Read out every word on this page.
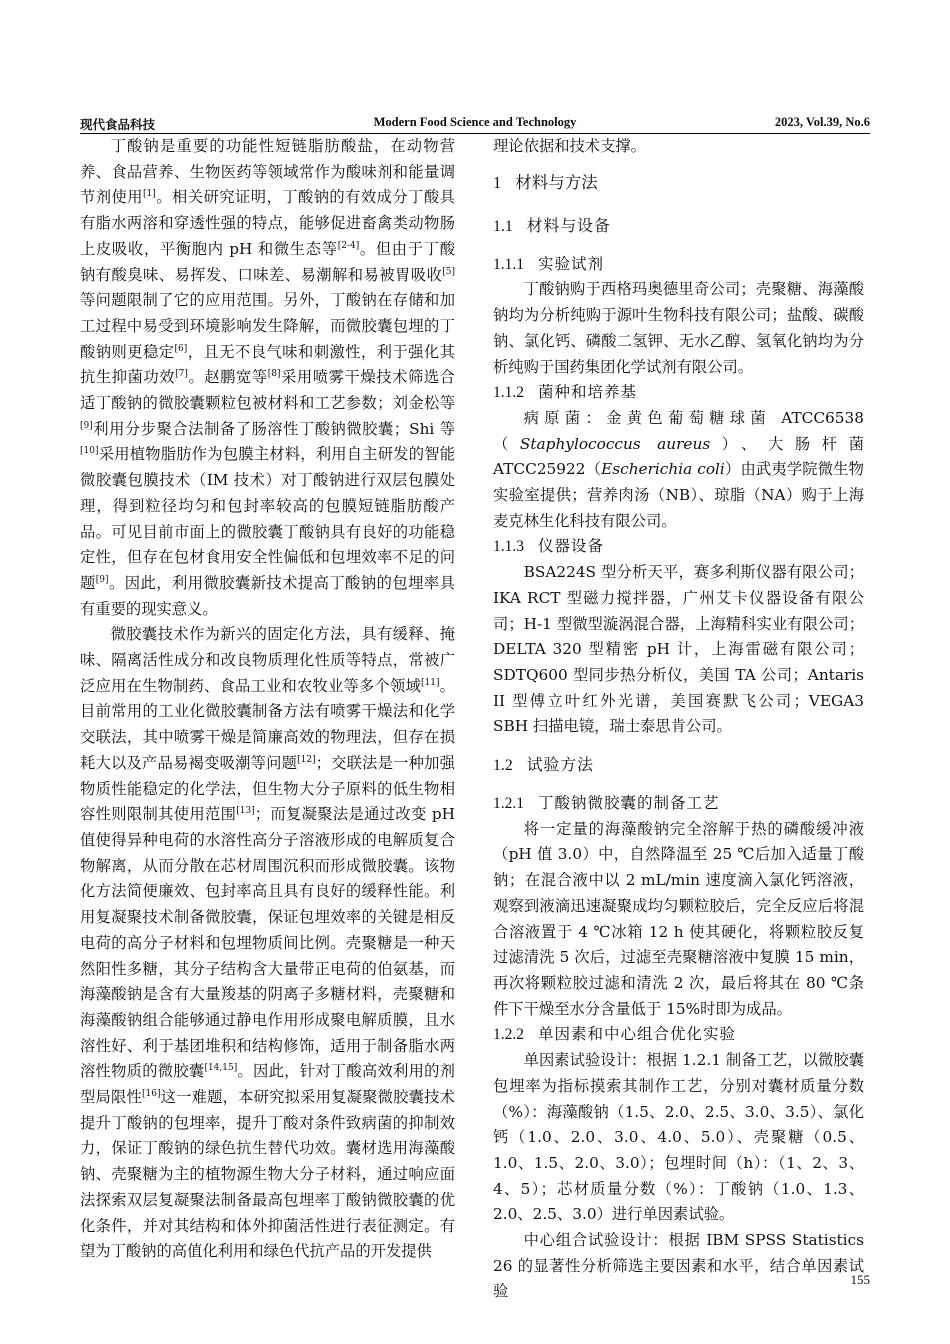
Modern Food Science and Technology
现代食品科技	2023, Vol.39, No.6

丁酸钠是重要的功能性短链脂肪酸盐，在动物营养、食品营养、生物医药等领域常作为酸味剂和能量调节剂使用[1]。相关研究证明，丁酸钠的有效成分丁酸具有脂水两溶和穿透性强的特点，能够促进畜禽类动物肠上皮吸收，平衡胞内 pH 和微生态等[2-4]。但由于丁酸钠有酸臭味、易挥发、口味差、易潮解和易被胃吸收[5]等问题限制了它的应用范围。另外，丁酸钠在存储和加工过程中易受到环境影响发生降解，而微胶囊包埋的丁酸钠则更稳定[6]，且无不良气味和刺激性，利于强化其抗生抑菌功效[7]。赵鹏宽等[8]采用喷雾干燥技术筛选合适丁酸钠的微胶囊颗粒包被材料和工艺参数；刘金松等[9]利用分步聚合法制备了肠溶性丁酸钠微胶囊；Shi 等[10]采用植物脂肪作为包膜主材料，利用自主研发的智能微胶囊包膜技术（IM 技术）对丁酸钠进行双层包膜处理，得到粒径均匀和包封率较高的包膜短链脂肪酸产品。可见目前市面上的微胶囊丁酸钠具有良好的功能稳定性，但存在包材食用安全性偏低和包埋效率不足的问题[9]。因此，利用微胶囊新技术提高丁酸钠的包埋率具有重要的现实意义。

微胶囊技术作为新兴的固定化方法，具有缓释、掩味、隔离活性成分和改良物质理化性质等特点，常被广泛应用在生物制药、食品工业和农牧业等多个领域[11]。目前常用的工业化微胶囊制备方法有喷雾干燥法和化学交联法，其中喷雾干燥是简廉高效的物理法，但存在损耗大以及产品易褐变吸潮等问题[12]；交联法是一种加强物质性能稳定的化学法，但生物大分子原料的低生物相容性则限制其使用范围[13]；而复凝聚法是通过改变 pH 值使得异种电荷的水溶性高分子溶液形成的电解质复合物解离，从而分散在芯材周围沉积而形成微胶囊。该物化方法简便廉效、包封率高且具有良好的缓释性能。利用复凝聚技术制备微胶囊，保证包埋效率的关键是相反电荷的高分子材料和包埋物质间比例。壳聚糖是一种天然阳性多糖，其分子结构含大量带正电荷的伯氨基，而海藻酸钠是含有大量羧基的阴离子多糖材料，壳聚糖和海藻酸钠组合能够通过静电作用形成聚电解质膜，且水溶性好、利于基团堆积和结构修饰，适用于制备脂水两溶性物质的微胶囊[14,15]。因此，针对丁酸高效利用的剂型局限性[16]这一难题，本研究拟采用复凝聚微胶囊技术提升丁酸钠的包埋率，提升丁酸对条件致病菌的抑制效力，保证丁酸钠的绿色抗生替代功效。囊材选用海藻酸钠、壳聚糖为主的植物源生物大分子材料，通过响应面法探索双层复凝聚法制备最高包埋率丁酸钠微胶囊的优化条件，并对其结构和体外抑菌活性进行表征测定。有望为丁酸钠的高值化利用和绿色代抗产品的开发提供

理论依据和技术支撑。

1 材料与方法
1.1 材料与设备
1.1.1 实验试剂

丁酸钠购于西格玛奥德里奇公司；壳聚糖、海藻酸钠均为分析纯购于源叶生物科技有限公司；盐酸、碳酸钠、氯化钙、磷酸二氢钾、无水乙醇、氢氧化钠均为分析纯购于国药集团化学试剂有限公司。

1.1.2 菌种和培养基

病原菌：金黄色葡萄糖球菌 ATCC6538（Staphylococcus aureus）、大肠杆菌 ATCC25922（Escherichia coli）由武夷学院微生物实验室提供；营养肉汤（NB）、琼脂（NA）购于上海麦克林生化科技有限公司。

1.1.3 仪器设备

BSA224S 型分析天平，赛多利斯仪器有限公司；IKA RCT 型磁力搅拌器，广州艾卡仪器设备有限公司；H-1 型微型漩涡混合器，上海精科实业有限公司；DELTA 320 型精密 pH 计，上海雷磁有限公司；SDTQ600 型同步热分析仪，美国 TA 公司；Antaris II 型傅立叶红外光谱，美国赛默飞公司；VEGA3 SBH 扫描电镜，瑞士泰思肯公司。

1.2 试验方法
1.2.1 丁酸钠微胶囊的制备工艺

将一定量的海藻酸钠完全溶解于热的磷酸缓冲液（pH 值 3.0）中，自然降温至 25 ℃后加入适量丁酸钠；在混合液中以 2 mL/min 速度滴入氯化钙溶液，观察到液滴迅速凝聚成均匀颗粒胶后，完全反应后将混合溶液置于 4 ℃冰箱 12 h 使其硬化，将颗粒胶反复过滤清洗 5 次后，过滤至壳聚糖溶液中复膜 15 min，再次将颗粒胶过滤和清洗 2 次，最后将其在 80 ℃条件下干燥至水分含量低于 15%时即为成品。

1.2.2 单因素和中心组合优化实验

单因素试验设计：根据 1.2.1 制备工艺，以微胶囊包埋率为指标摸索其制作工艺，分别对囊材质量分数（%）：海藻酸钠（1.5、2.0、2.5、3.0、3.5）、氯化钙（1.0、2.0、3.0、4.0、5.0）、壳聚糖（0.5、1.0、1.5、2.0、3.0）；包埋时间（h）：（1、2、3、4、5）；芯材质量分数（%）：丁酸钠（1.0、1.3、2.0、2.5、3.0）进行单因素试验。

中心组合试验设计：根据 IBM SPSS Statistics 26 的显著性分析筛选主要因素和水平，结合单因素试验

155
